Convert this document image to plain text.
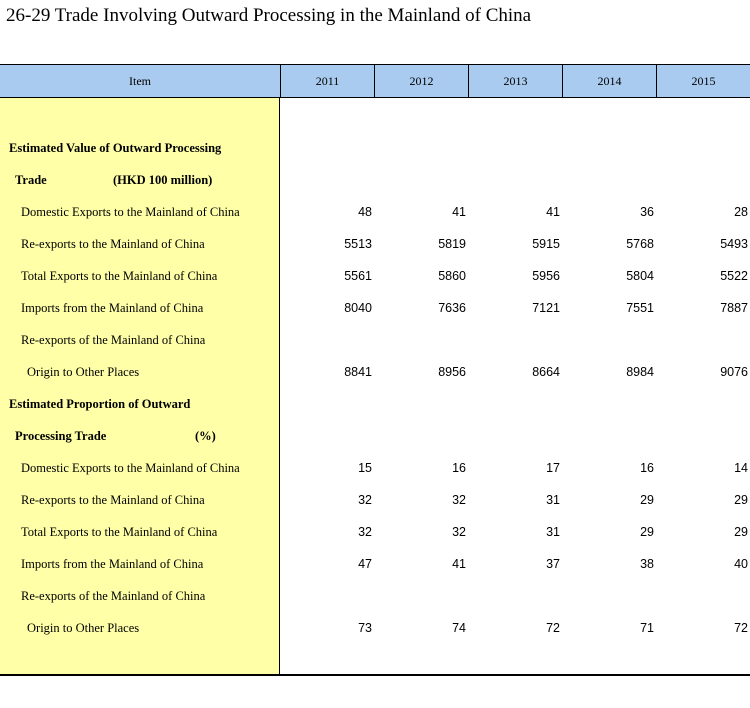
26-29 Trade Involving Outward Processing in the Mainland of China
Item	2011	2012	2013	2014	2015
Estimated Value of Outward Processing
Trade	(HKD 100 million)
Domestic Exports to the Mainland of China	48	41	41	36	28
Re-exports to the Mainland of China	5513	5819	5915	5768	5493
Total Exports to the Mainland of China	5561	5860	5956	5804	5522
Imports from the Mainland of China	8040	7636	7121	7551	7887
Re-exports of the Mainland of China
Origin to Other Places	8841	8956	8664	8984	9076
Estimated Proportion of Outward
Processing Trade	(%)
Domestic Exports to the Mainland of China	15	16	17	16	14
Re-exports to the Mainland of China	32	32	31	29	29
Total Exports to the Mainland of China	32	32	31	29	29
Imports from the Mainland of China	47	41	37	38	40
Re-exports of the Mainland of China
Origin to Other Places	73	74	72	71	72
